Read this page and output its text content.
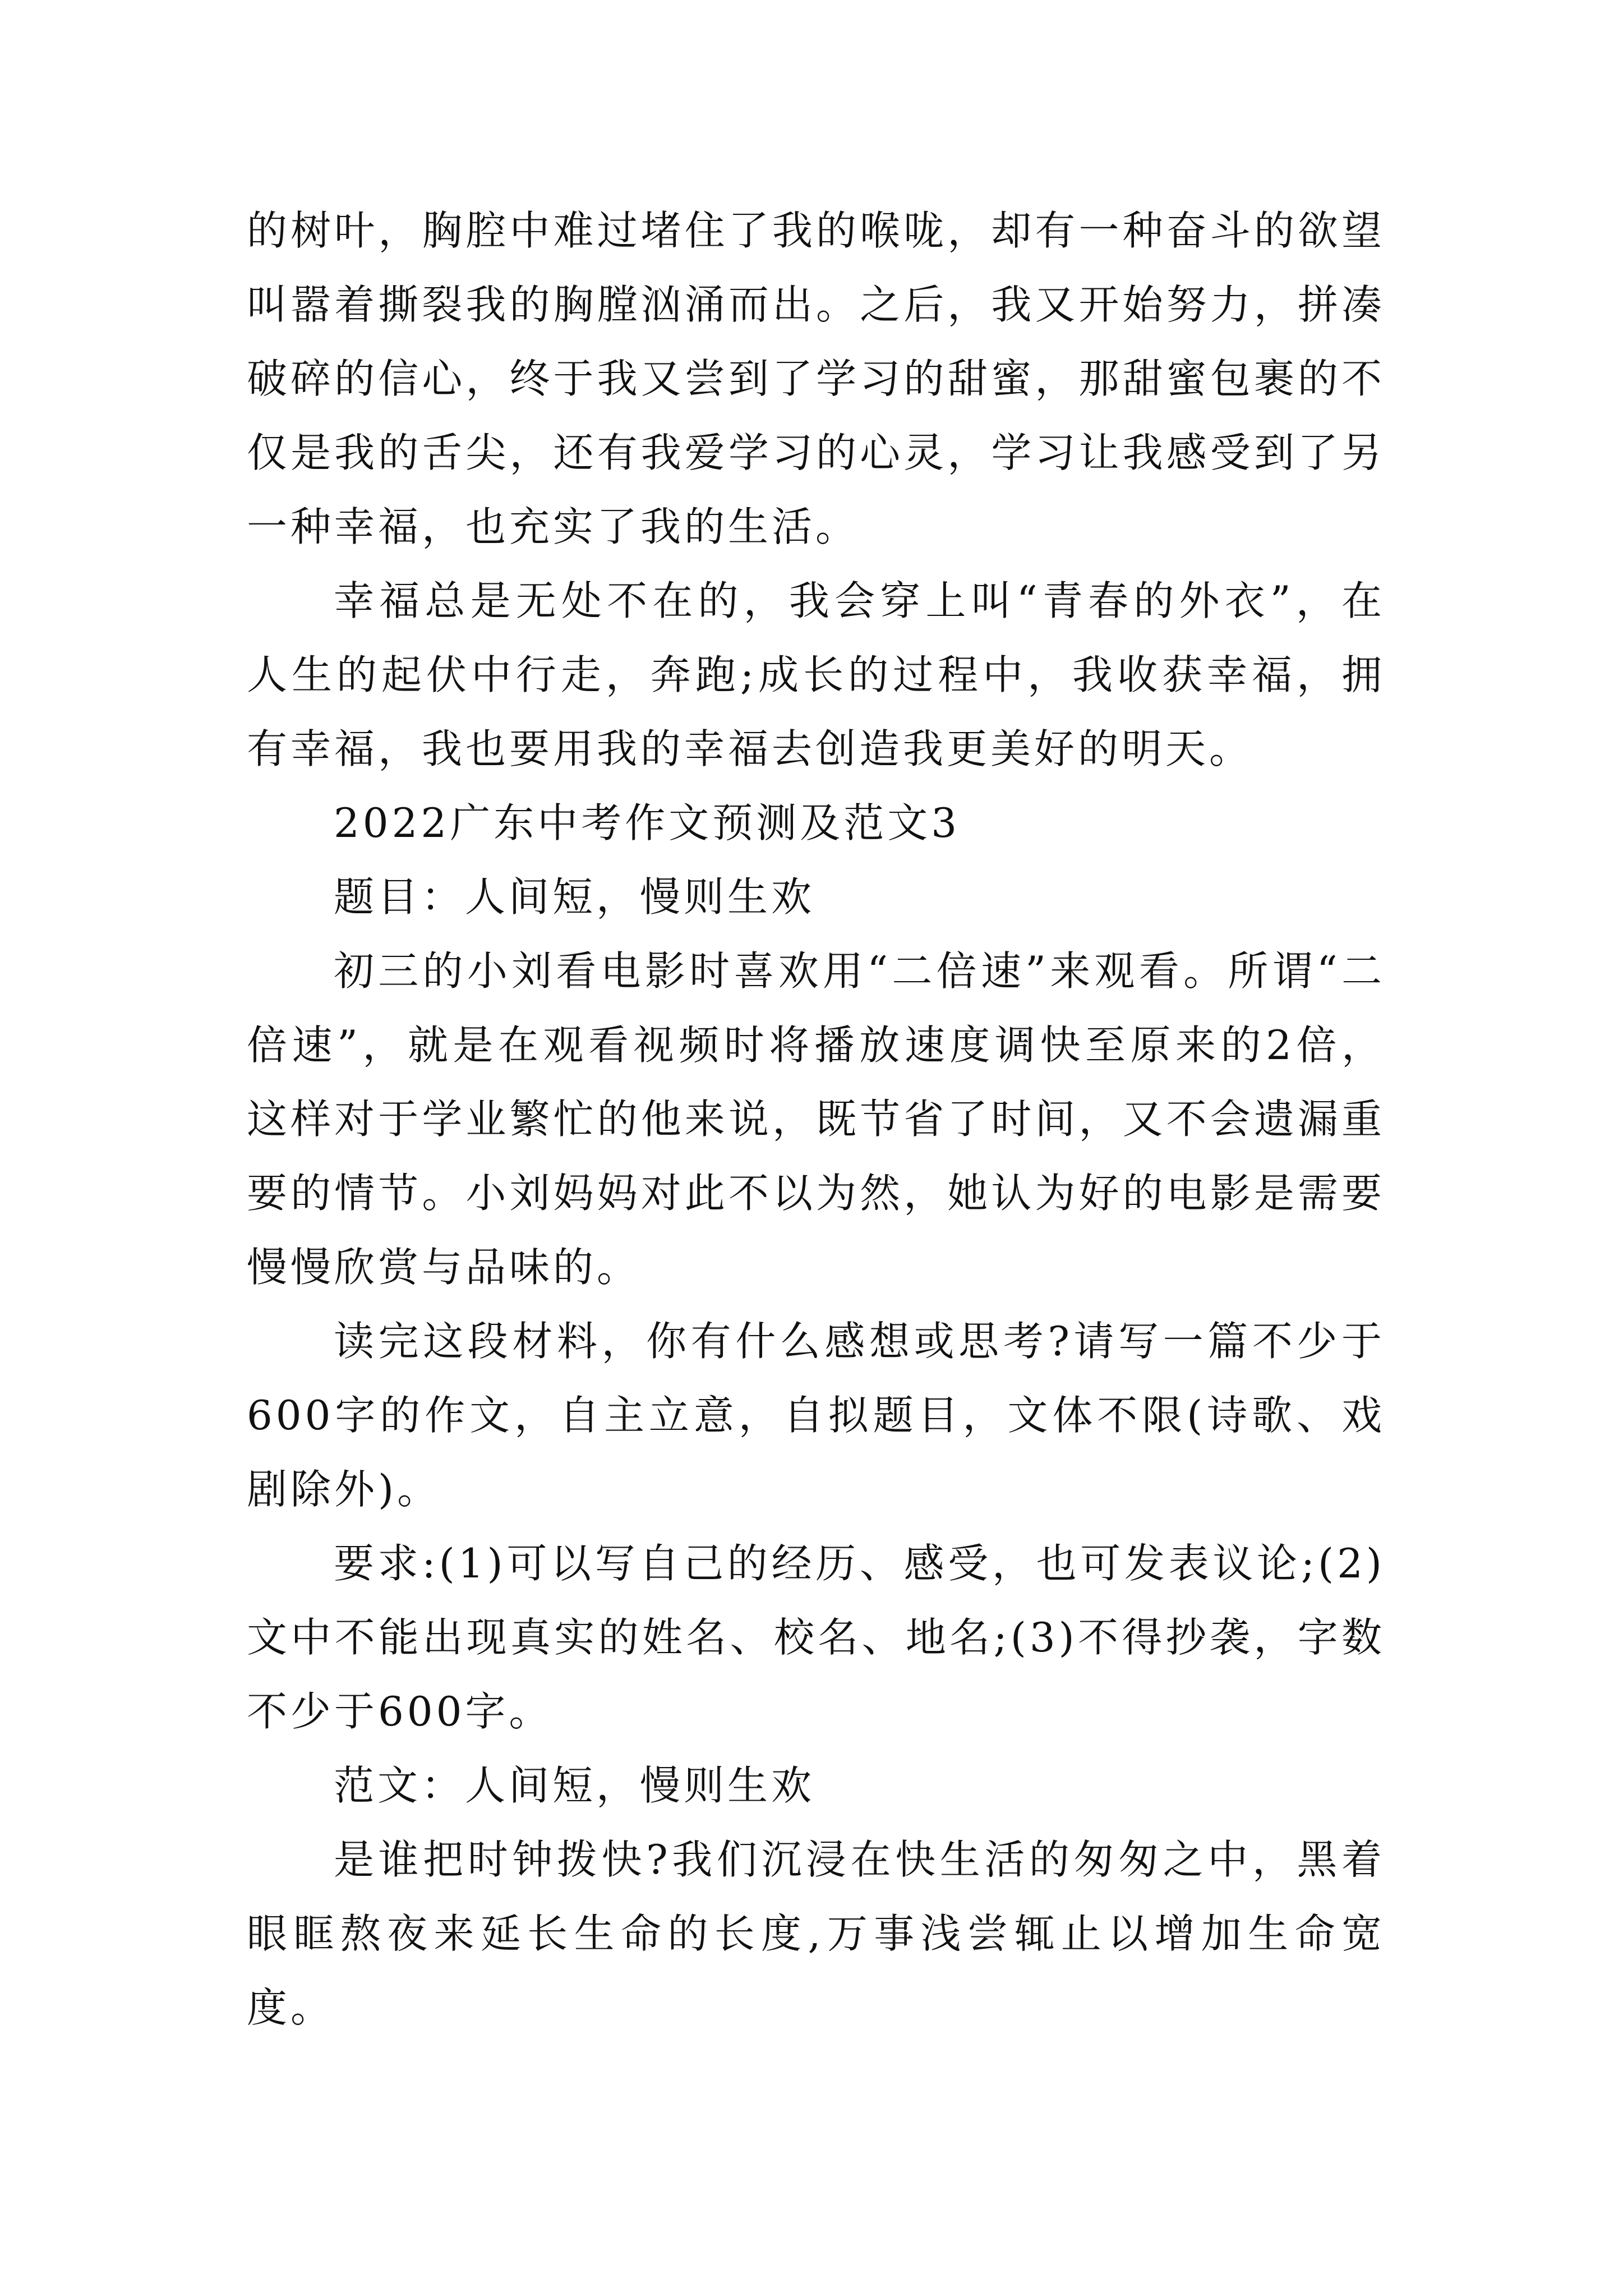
的树叶，胸腔中难过堵住了我的喉咙，却有一种奋斗的欲望叫嚣着撕裂我的胸膛汹涌而出。之后，我又开始努力，拼凑破碎的信心，终于我又尝到了学习的甜蜜，那甜蜜包裹的不仅是我的舌尖，还有我爱学习的心灵，学习让我感受到了另一种幸福，也充实了我的生活。

幸福总是无处不在的，我会穿上叫“青春的外衣”，在人生的起伏中行走，奔跑;成长的过程中，我收获幸福，拥有幸福，我也要用我的幸福去创造我更美好的明天。

2022广东中考作文预测及范文3

题目：人间短，慢则生欢

初三的小刘看电影时喜欢用“二倍速”来观看。所谓“二倍速”，就是在观看视频时将播放速度调快至原来的2倍，这样对于学业繁忙的他来说，既节省了时间，又不会遗漏重要的情节。小刘妈妈对此不以为然，她认为好的电影是需要慢慢欣赏与品味的。

读完这段材料，你有什么感想或思考?请写一篇不少于600字的作文，自主立意，自拟题目，文体不限(诗歌、戏剧除外)。

要求:(1)可以写自己的经历、感受，也可发表议论;(2)文中不能出现真实的姓名、校名、地名;(3)不得抄袭，字数不少于600字。

范文：人间短，慢则生欢

是谁把时钟拨快?我们沉浸在快生活的匆匆之中，黑着眼眶熬夜来延长生命的长度,万事浅尝辄止以增加生命宽度。
